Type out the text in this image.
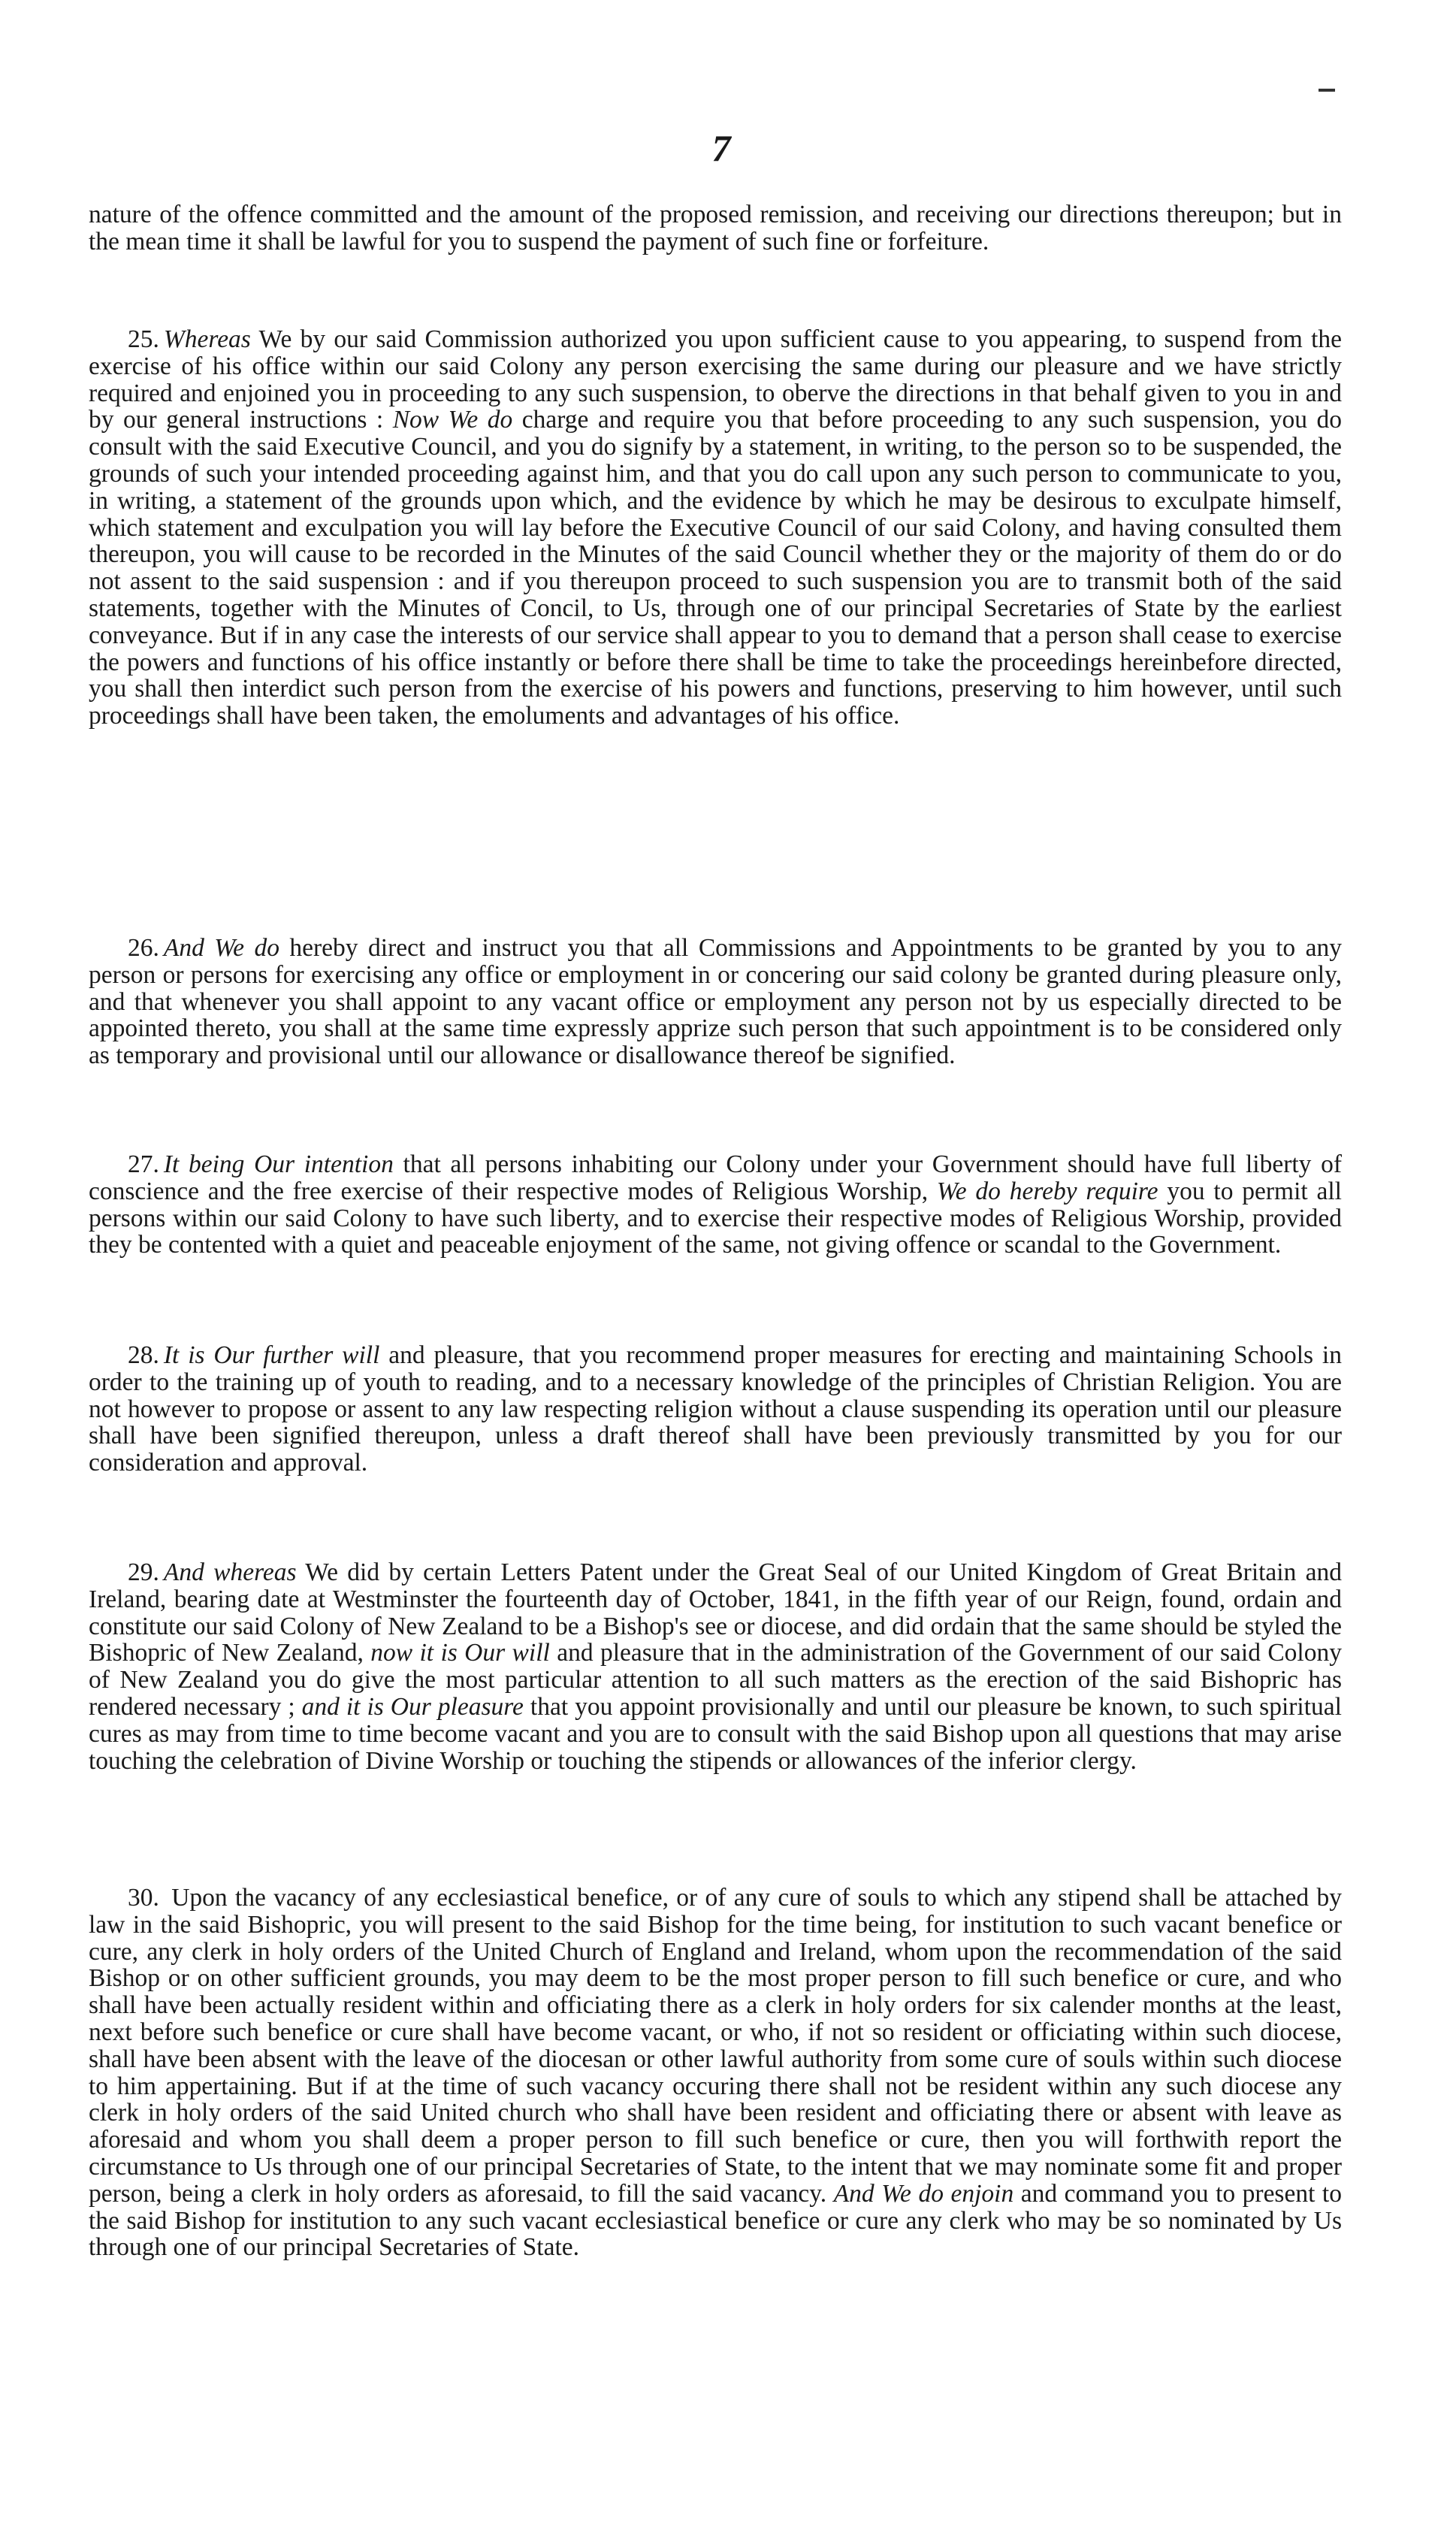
7

nature of the offence committed and the amount of the proposed remission, and receiving our directions thereupon; but in the mean time it shall be lawful for you to suspend the payment of such fine or forfeiture.

25. Whereas We by our said Commission authorized you upon sufficient cause to you appearing, to suspend from the exercise of his office within our said Colony any person exercising the same during our pleasure and we have strictly required and enjoined you in proceeding to any such suspension, to oberve the directions in that behalf given to you in and by our general instructions : Now We do charge and require you that before proceeding to any such suspension, you do consult with the said Executive Council, and you do signify by a statement, in writing, to the person so to be suspended, the grounds of such your intended proceeding against him, and that you do call upon any such person to communicate to you, in writing, a statement of the grounds upon which, and the evidence by which he may be desirous to exculpate himself, which statement and exculpation you will lay before the Executive Council of our said Colony, and having consulted them thereupon, you will cause to be recorded in the Minutes of the said Council whether they or the majority of them do or do not assent to the said suspension : and if you thereupon proceed to such suspension you are to transmit both of the said statements, together with the Minutes of Concil, to Us, through one of our principal Secretaries of State by the earliest conveyance. But if in any case the interests of our service shall appear to you to demand that a person shall cease to exercise the powers and functions of his office instantly or before there shall be time to take the proceedings hereinbefore directed, you shall then interdict such person from the exercise of his powers and functions, preserving to him however, until such proceedings shall have been taken, the emoluments and advantages of his office.

26. And We do hereby direct and instruct you that all Commissions and Appointments to be granted by you to any person or persons for exercising any office or employment in or concering our said colony be granted during pleasure only, and that whenever you shall appoint to any vacant office or employment any person not by us especially directed to be appointed thereto, you shall at the same time expressly apprize such person that such appointment is to be considered only as temporary and provisional until our allowance or disallowance thereof be signified.

27. It being Our intention that all persons inhabiting our Colony under your Government should have full liberty of conscience and the free exercise of their respective modes of Religious Worship, We do hereby require you to permit all persons within our said Colony to have such liberty, and to exercise their respective modes of Religious Worship, provided they be contented with a quiet and peaceable enjoyment of the same, not giving offence or scandal to the Government.

28. It is Our further will and pleasure, that you recommend proper measures for erecting and maintaining Schools in order to the training up of youth to reading, and to a necessary knowledge of the principles of Christian Religion. You are not however to propose or assent to any law respecting religion without a clause suspending its operation until our pleasure shall have been signified thereupon, unless a draft thereof shall have been previously transmitted by you for our consideration and approval.

29. And whereas We did by certain Letters Patent under the Great Seal of our United Kingdom of Great Britain and Ireland, bearing date at Westminster the fourteenth day of October, 1841, in the fifth year of our Reign, found, ordain and constitute our said Colony of New Zealand to be a Bishop's see or diocese, and did ordain that the same should be styled the Bishopric of New Zealand, now it is Our will and pleasure that in the administration of the Government of our said Colony of New Zealand you do give the most particular attention to all such matters as the erection of the said Bishopric has rendered necessary ; and it is Our pleasure that you appoint provisionally and until our pleasure be known, to such spiritual cures as may from time to time become vacant and you are to consult with the said Bishop upon all questions that may arise touching the celebration of Divine Worship or touching the stipends or allowances of the inferior clergy.

30. Upon the vacancy of any ecclesiastical benefice, or of any cure of souls to which any stipend shall be attached by law in the said Bishopric, you will present to the said Bishop for the time being, for institution to such vacant benefice or cure, any clerk in holy orders of the United Church of England and Ireland, whom upon the recommendation of the said Bishop or on other sufficient grounds, you may deem to be the most proper person to fill such benefice or cure, and who shall have been actually resident within and officiating there as a clerk in holy orders for six calender months at the least, next before such benefice or cure shall have become vacant, or who, if not so resident or officiating within such diocese, shall have been absent with the leave of the diocesan or other lawful authority from some cure of souls within such diocese to him appertaining. But if at the time of such vacancy occuring there shall not be resident within any such diocese any clerk in holy orders of the said United church who shall have been resident and officiating there or absent with leave as aforesaid and whom you shall deem a proper person to fill such benefice or cure, then you will forthwith report the circumstance to Us through one of our principal Secretaries of State, to the intent that we may nominate some fit and proper person, being a clerk in holy orders as aforesaid, to fill the said vacancy. And We do enjoin and command you to present to the said Bishop for institution to any such vacant ecclesiastical benefice or cure any clerk who may be so nominated by Us through one of our principal Secretaries of State.
